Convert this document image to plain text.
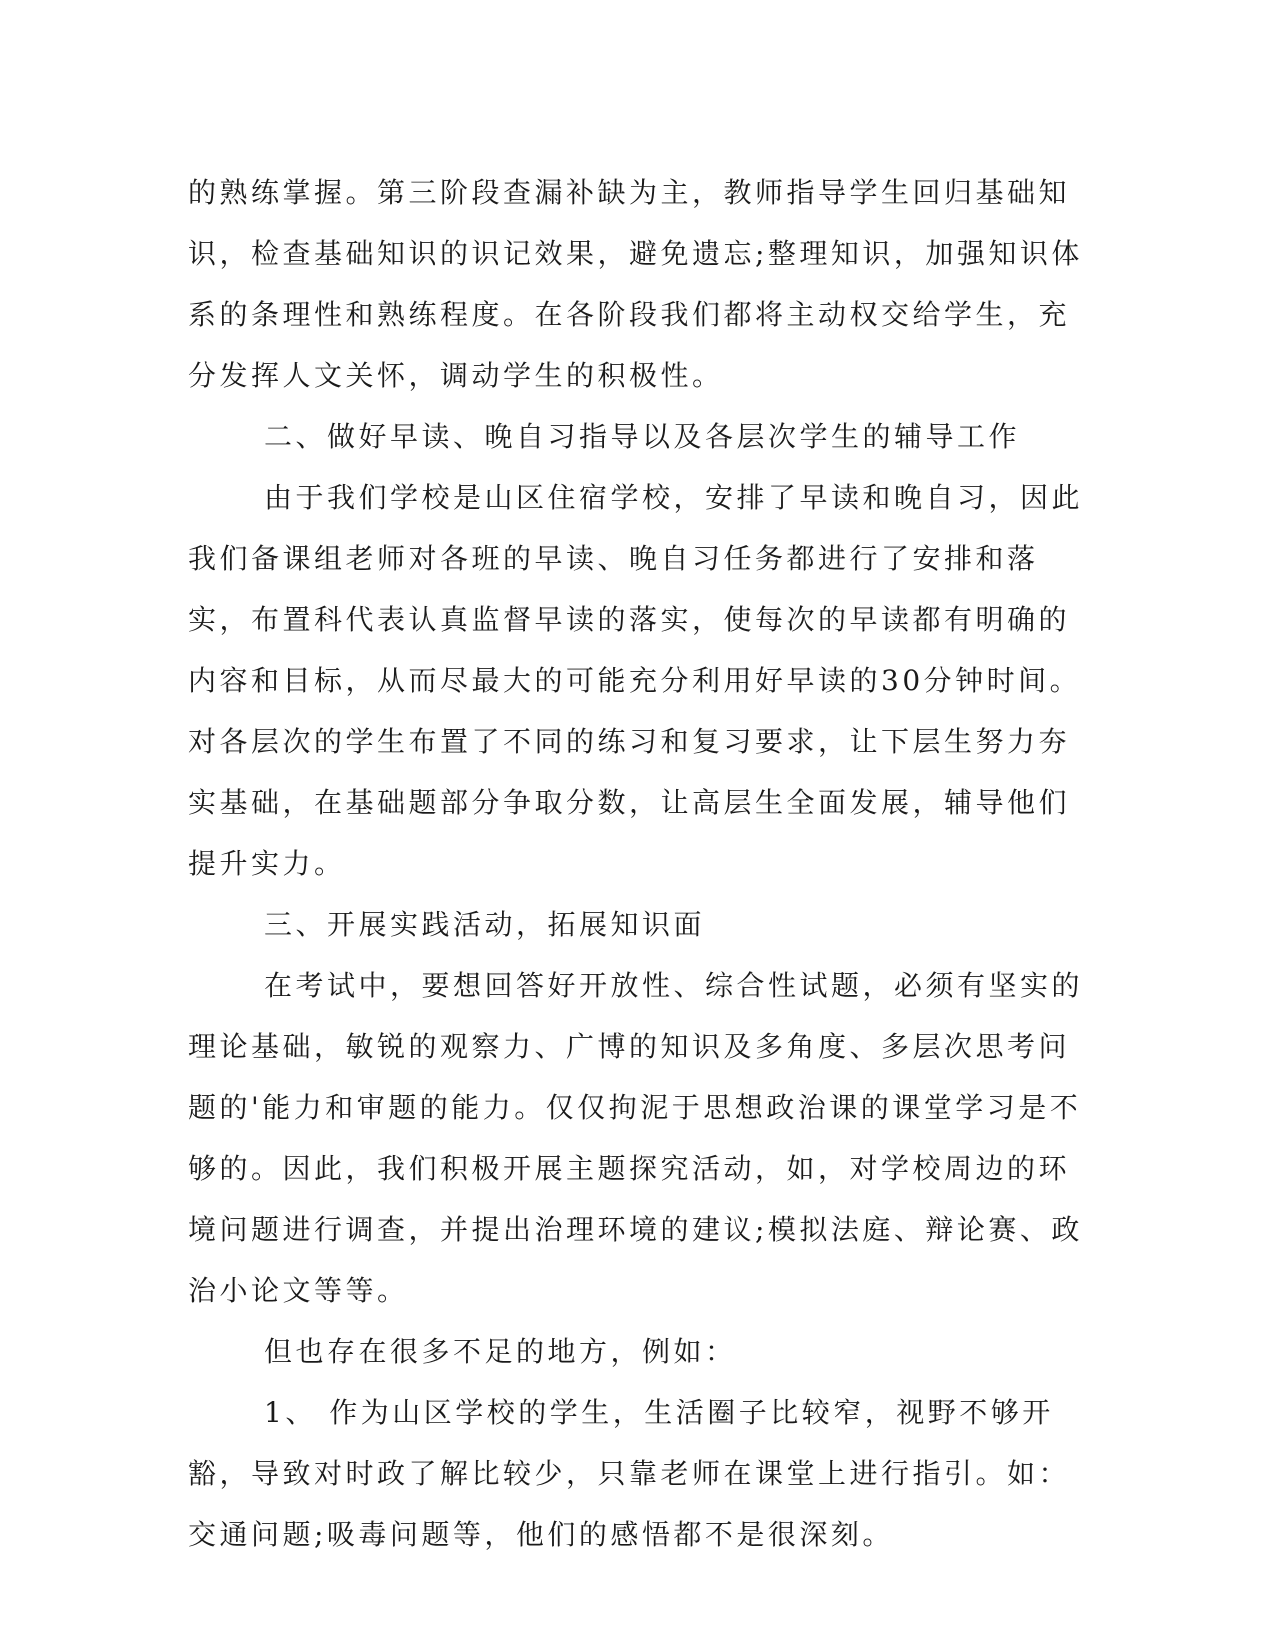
的熟练掌握。第三阶段查漏补缺为主，教师指导学生回归基础知识，检查基础知识的识记效果，避免遗忘;整理知识，加强知识体系的条理性和熟练程度。在各阶段我们都将主动权交给学生，充分发挥人文关怀，调动学生的积极性。

二、做好早读、晚自习指导以及各层次学生的辅导工作

由于我们学校是山区住宿学校，安排了早读和晚自习，因此我们备课组老师对各班的早读、晚自习任务都进行了安排和落实，布置科代表认真监督早读的落实，使每次的早读都有明确的内容和目标，从而尽最大的可能充分利用好早读的30分钟时间。对各层次的学生布置了不同的练习和复习要求，让下层生努力夯实基础，在基础题部分争取分数，让高层生全面发展，辅导他们提升实力。

三、开展实践活动，拓展知识面

在考试中，要想回答好开放性、综合性试题，必须有坚实的理论基础，敏锐的观察力、广博的知识及多角度、多层次思考问题的'能力和审题的能力。仅仅拘泥于思想政治课的课堂学习是不够的。因此，我们积极开展主题探究活动，如，对学校周边的环境问题进行调查，并提出治理环境的建议;模拟法庭、辩论赛、政治小论文等等。

但也存在很多不足的地方，例如：

1、 作为山区学校的学生，生活圈子比较窄，视野不够开豁，导致对时政了解比较少，只靠老师在课堂上进行指引。如：交通问题;吸毒问题等，他们的感悟都不是很深刻。
